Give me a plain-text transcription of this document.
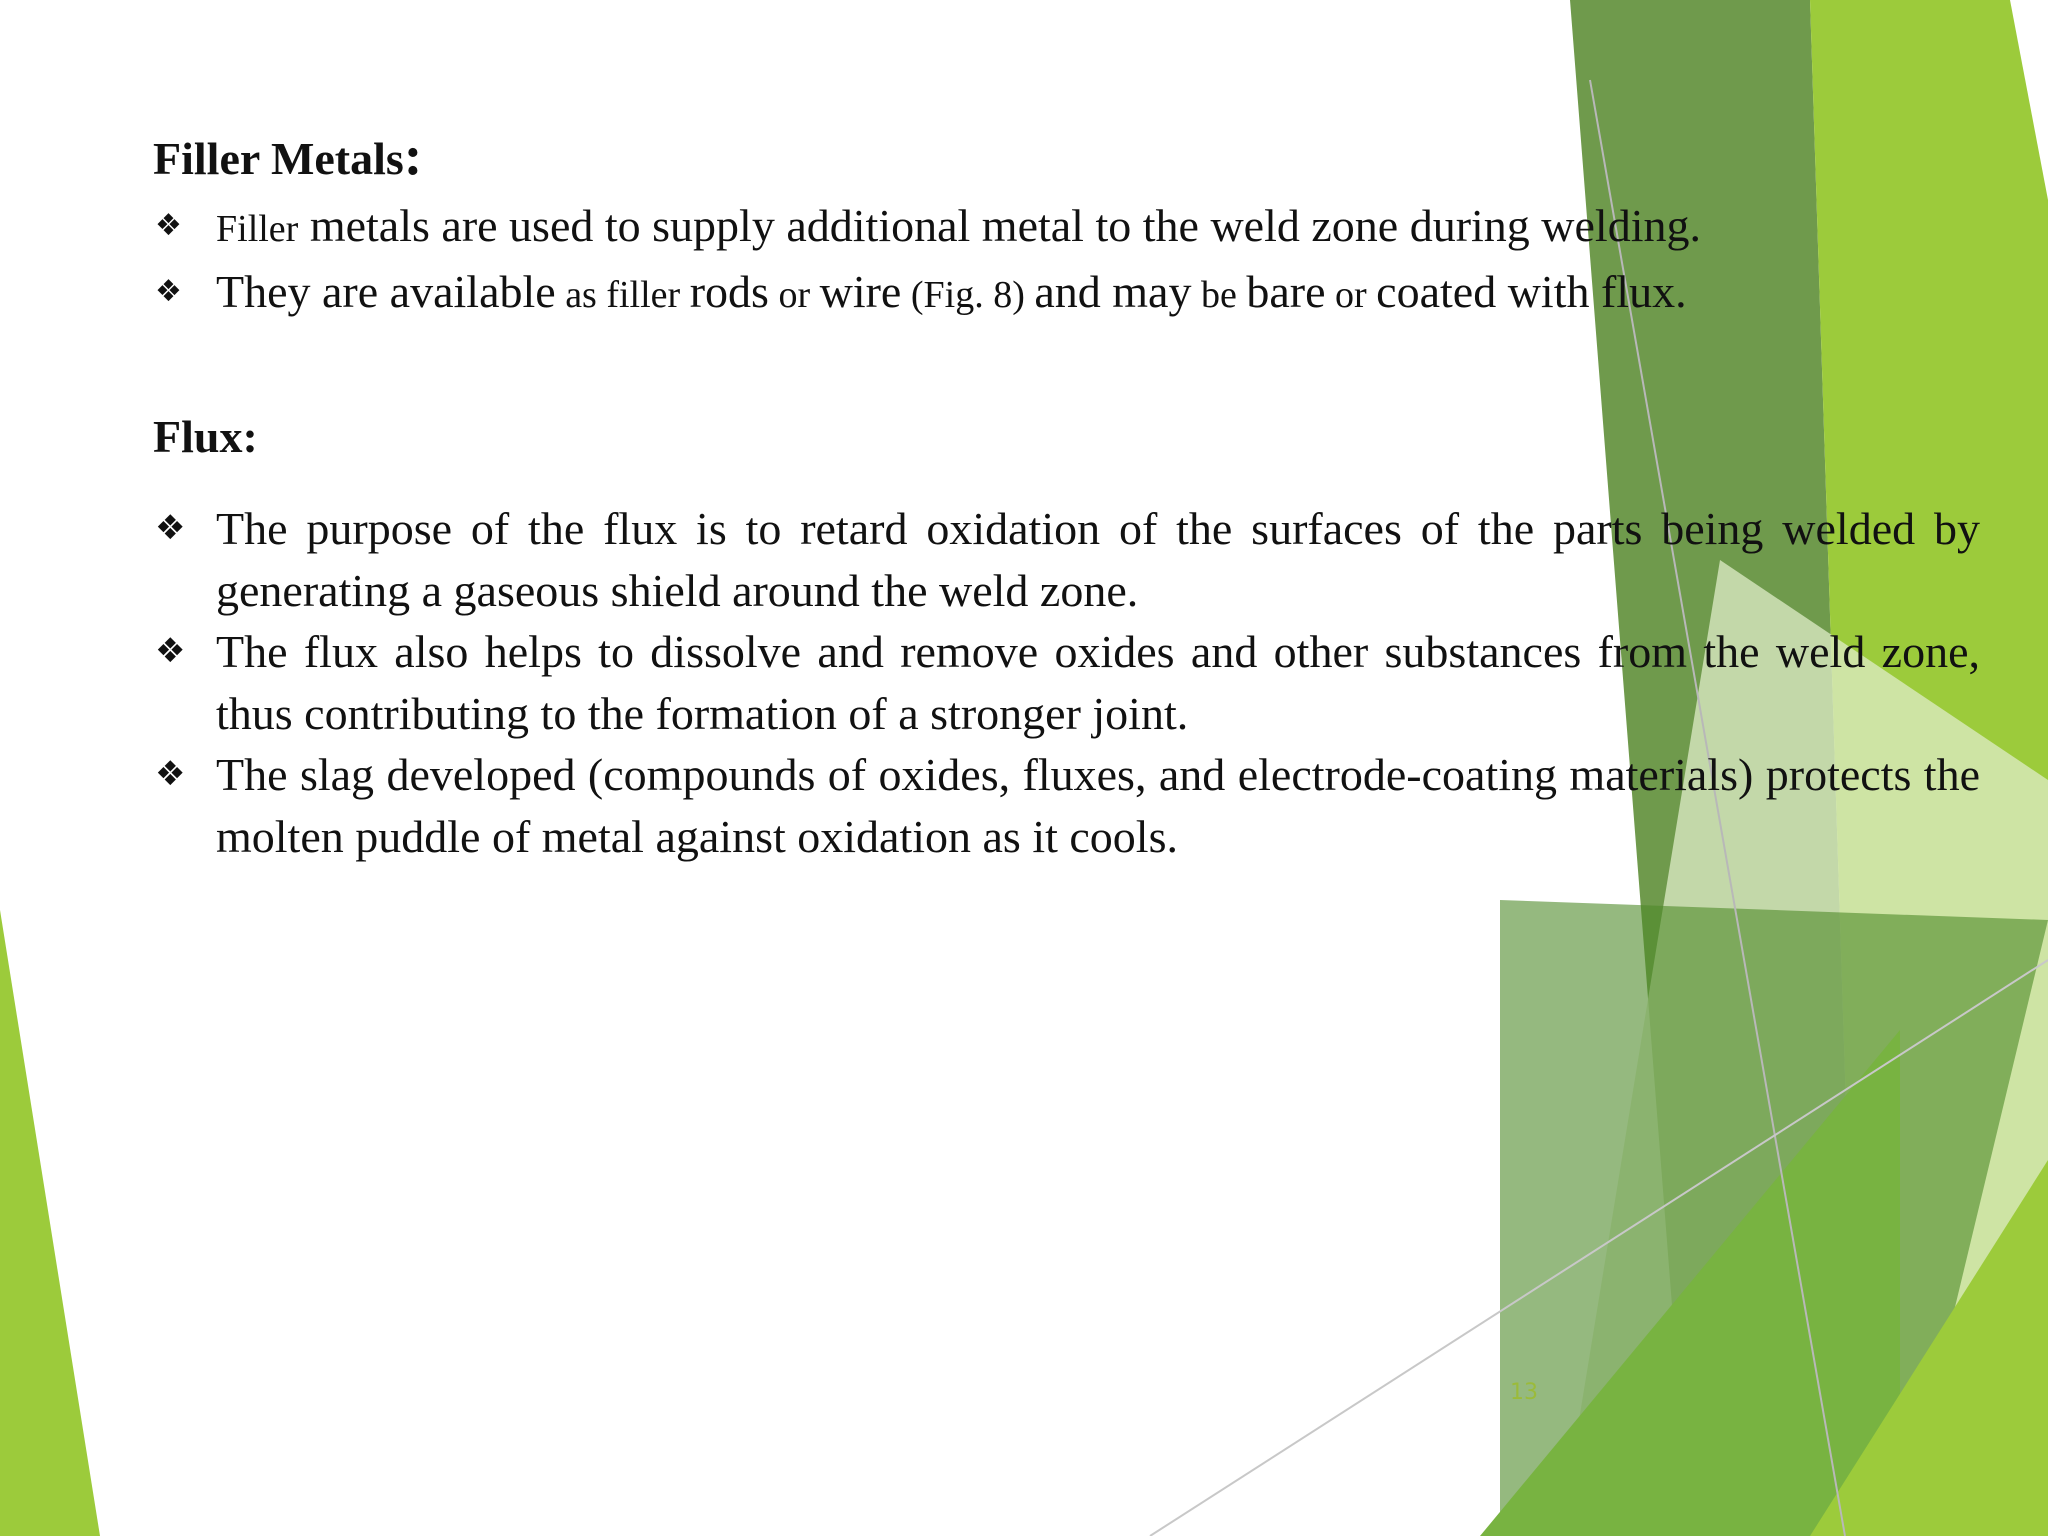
Filler Metals:
❖ Filler metals are used to supply additional metal to the weld zone during welding.
❖ They are available as filler rods or wire (Fig. 8) and may be bare or coated with flux.
Flux:
❖ The purpose of the flux is to retard oxidation of the surfaces of the parts being welded by generating a gaseous shield around the weld zone.
❖ The flux also helps to dissolve and remove oxides and other substances from the weld zone, thus contributing to the formation of a stronger joint.
❖ The slag developed (compounds of oxides, fluxes, and electrode-coating materials) protects the molten puddle of metal against oxidation as it cools.
13
